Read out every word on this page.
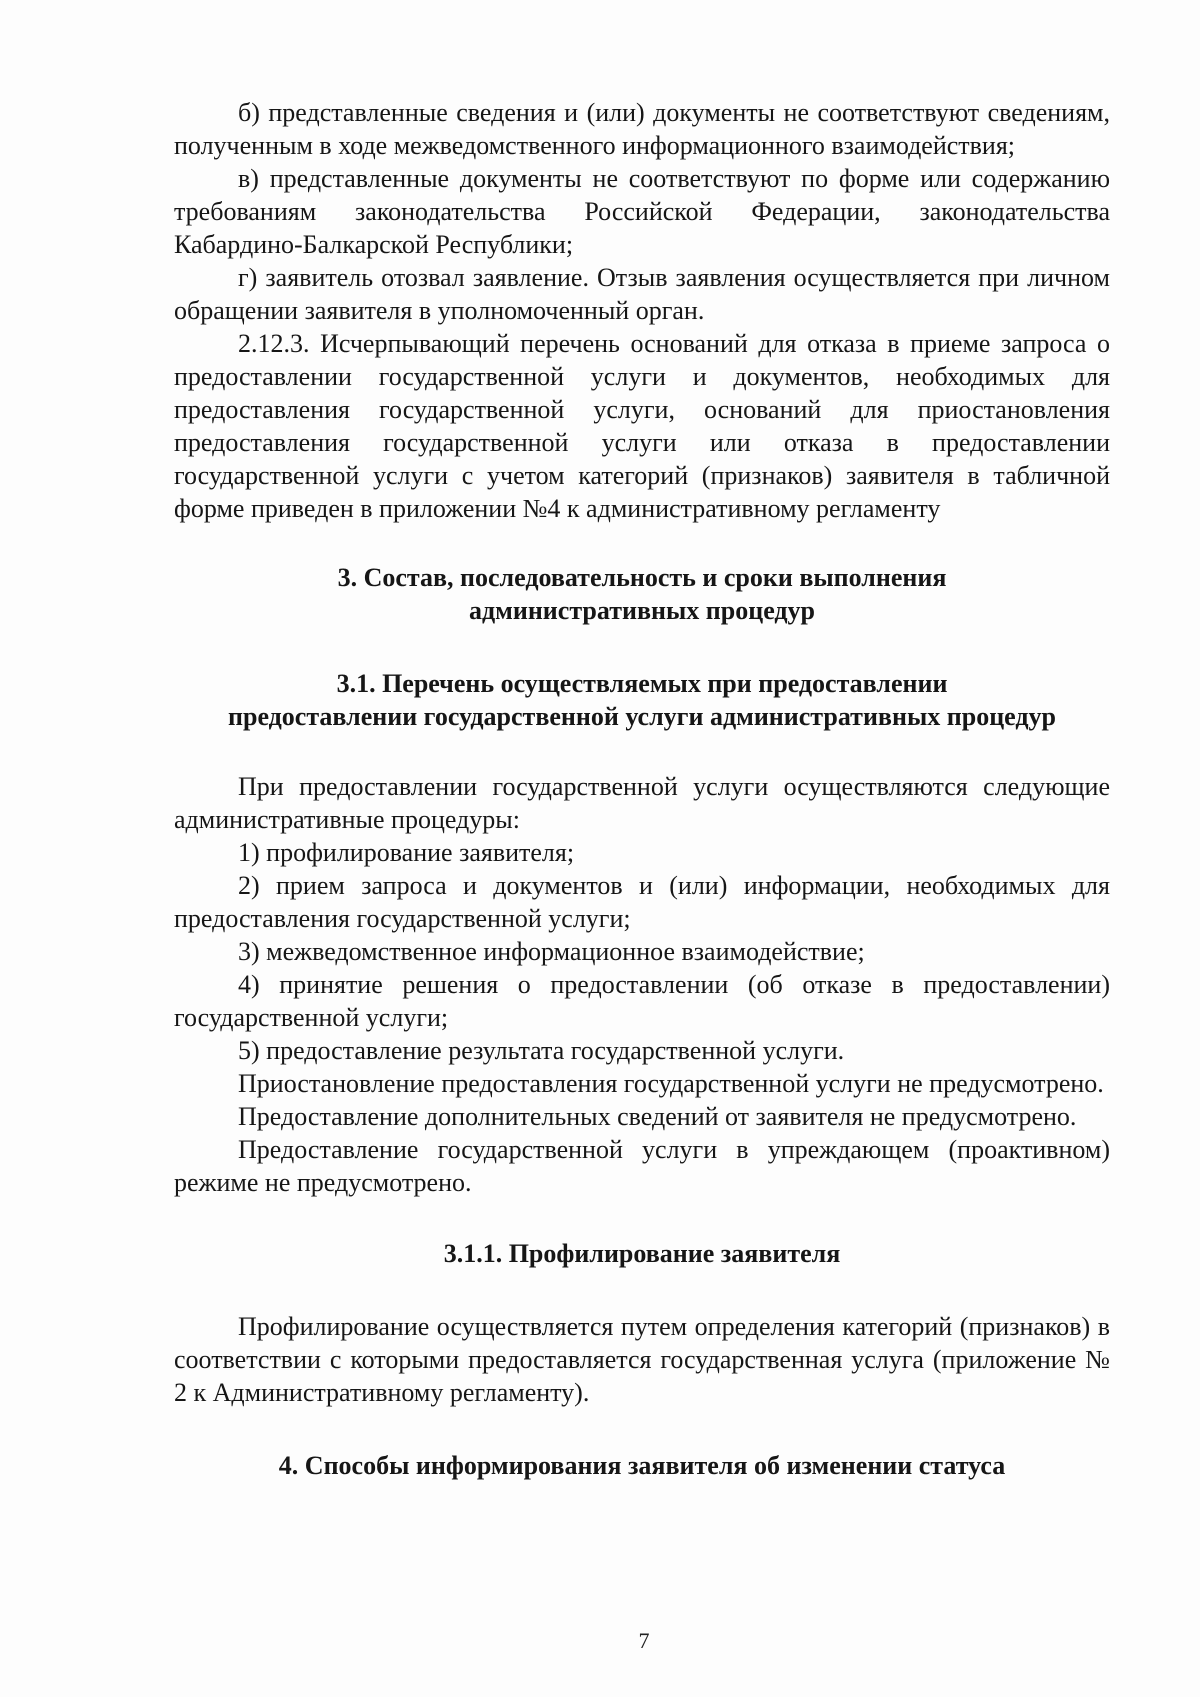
б) представленные сведения и (или) документы не соответствуют сведениям, полученным в ходе межведомственного информационного взаимодействия;

в) представленные документы не соответствуют по форме или содержанию требованиям законодательства Российской Федерации, законодательства Кабардино-Балкарской Республики;

г) заявитель отозвал заявление. Отзыв заявления осуществляется при личном обращении заявителя в уполномоченный орган.

2.12.3. Исчерпывающий перечень оснований для отказа в приеме запроса о предоставлении государственной услуги и документов, необходимых для предоставления государственной услуги, оснований для приостановления предоставления государственной услуги или отказа в предоставлении государственной услуги с учетом категорий (признаков) заявителя в табличной форме приведен в приложении №4 к административному регламенту

3. Состав, последовательность и сроки выполнения

административных процедур

3.1. Перечень осуществляемых при предоставлении

предоставлении государственной услуги административных процедур

При предоставлении государственной услуги осуществляются следующие административные процедуры:

1) профилирование заявителя;

2) прием запроса и документов и (или) информации, необходимых для предоставления государственной услуги;

3) межведомственное информационное взаимодействие;

4) принятие решения о предоставлении (об отказе в предоставлении) государственной услуги;

5) предоставление результата государственной услуги.

Приостановление предоставления государственной услуги не предусмотрено.

Предоставление дополнительных сведений от заявителя не предусмотрено.

Предоставление государственной услуги в упреждающем (проактивном) режиме не предусмотрено.

3.1.1. Профилирование заявителя

Профилирование осуществляется путем определения категорий (признаков) в соответствии с которыми предоставляется государственная услуга (приложение № 2 к Административному регламенту).

4. Способы информирования заявителя об изменении статуса

7
